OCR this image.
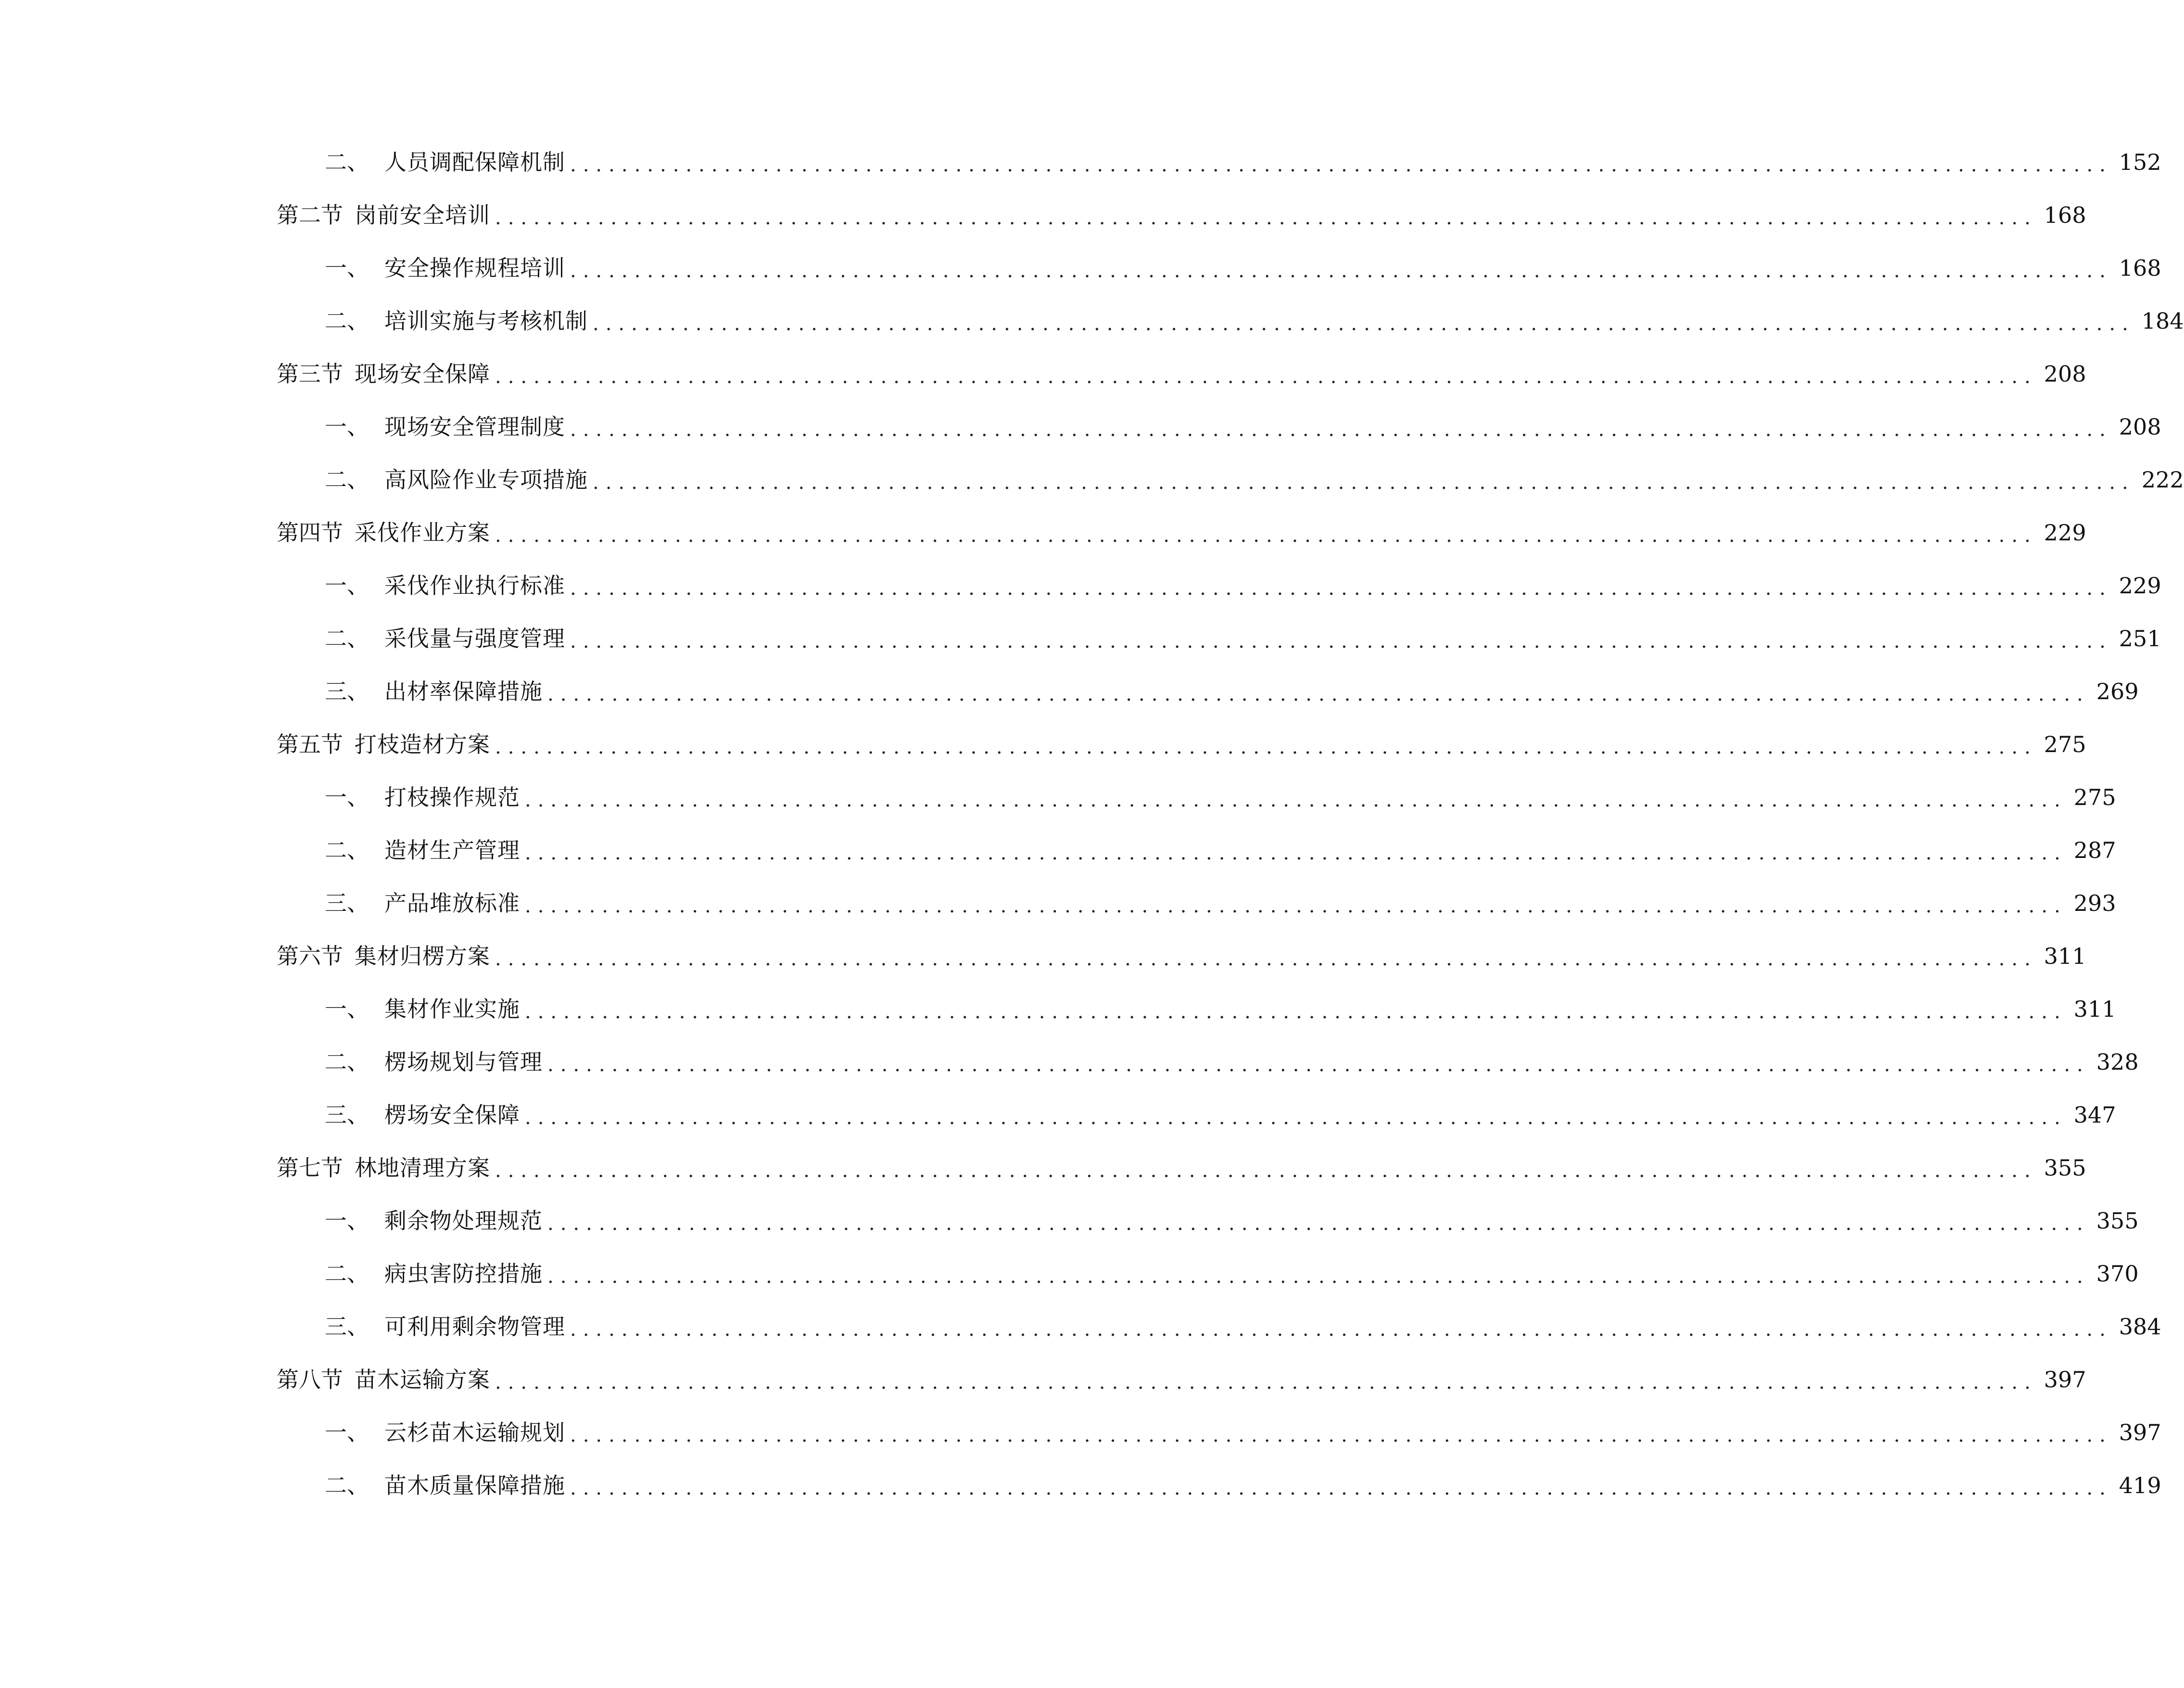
二、 人员调配保障机制 ........................................................................................................................ 152
第二节 岗前安全培训 ........................................................................................................................ 168
一、 安全操作规程培训 ........................................................................................................................ 168
二、 培训实施与考核机制 ........................................................................................................................ 184
第三节 现场安全保障 ........................................................................................................................ 208
一、 现场安全管理制度 ........................................................................................................................ 208
二、 高风险作业专项措施 ........................................................................................................................ 222
第四节 采伐作业方案 ........................................................................................................................ 229
一、 采伐作业执行标准 ........................................................................................................................ 229
二、 采伐量与强度管理 ........................................................................................................................ 251
三、 出材率保障措施 ........................................................................................................................ 269
第五节 打枝造材方案 ........................................................................................................................ 275
一、 打枝操作规范 ........................................................................................................................ 275
二、 造材生产管理 ........................................................................................................................ 287
三、 产品堆放标准 ........................................................................................................................ 293
第六节 集材归楞方案 ........................................................................................................................ 311
一、 集材作业实施 ........................................................................................................................ 311
二、 楞场规划与管理 ........................................................................................................................ 328
三、 楞场安全保障 ........................................................................................................................ 347
第七节 林地清理方案 ........................................................................................................................ 355
一、 剩余物处理规范 ........................................................................................................................ 355
二、 病虫害防控措施 ........................................................................................................................ 370
三、 可利用剩余物管理 ........................................................................................................................ 384
第八节 苗木运输方案 ........................................................................................................................ 397
一、 云杉苗木运输规划 ........................................................................................................................ 397
二、 苗木质量保障措施 ........................................................................................................................ 419
